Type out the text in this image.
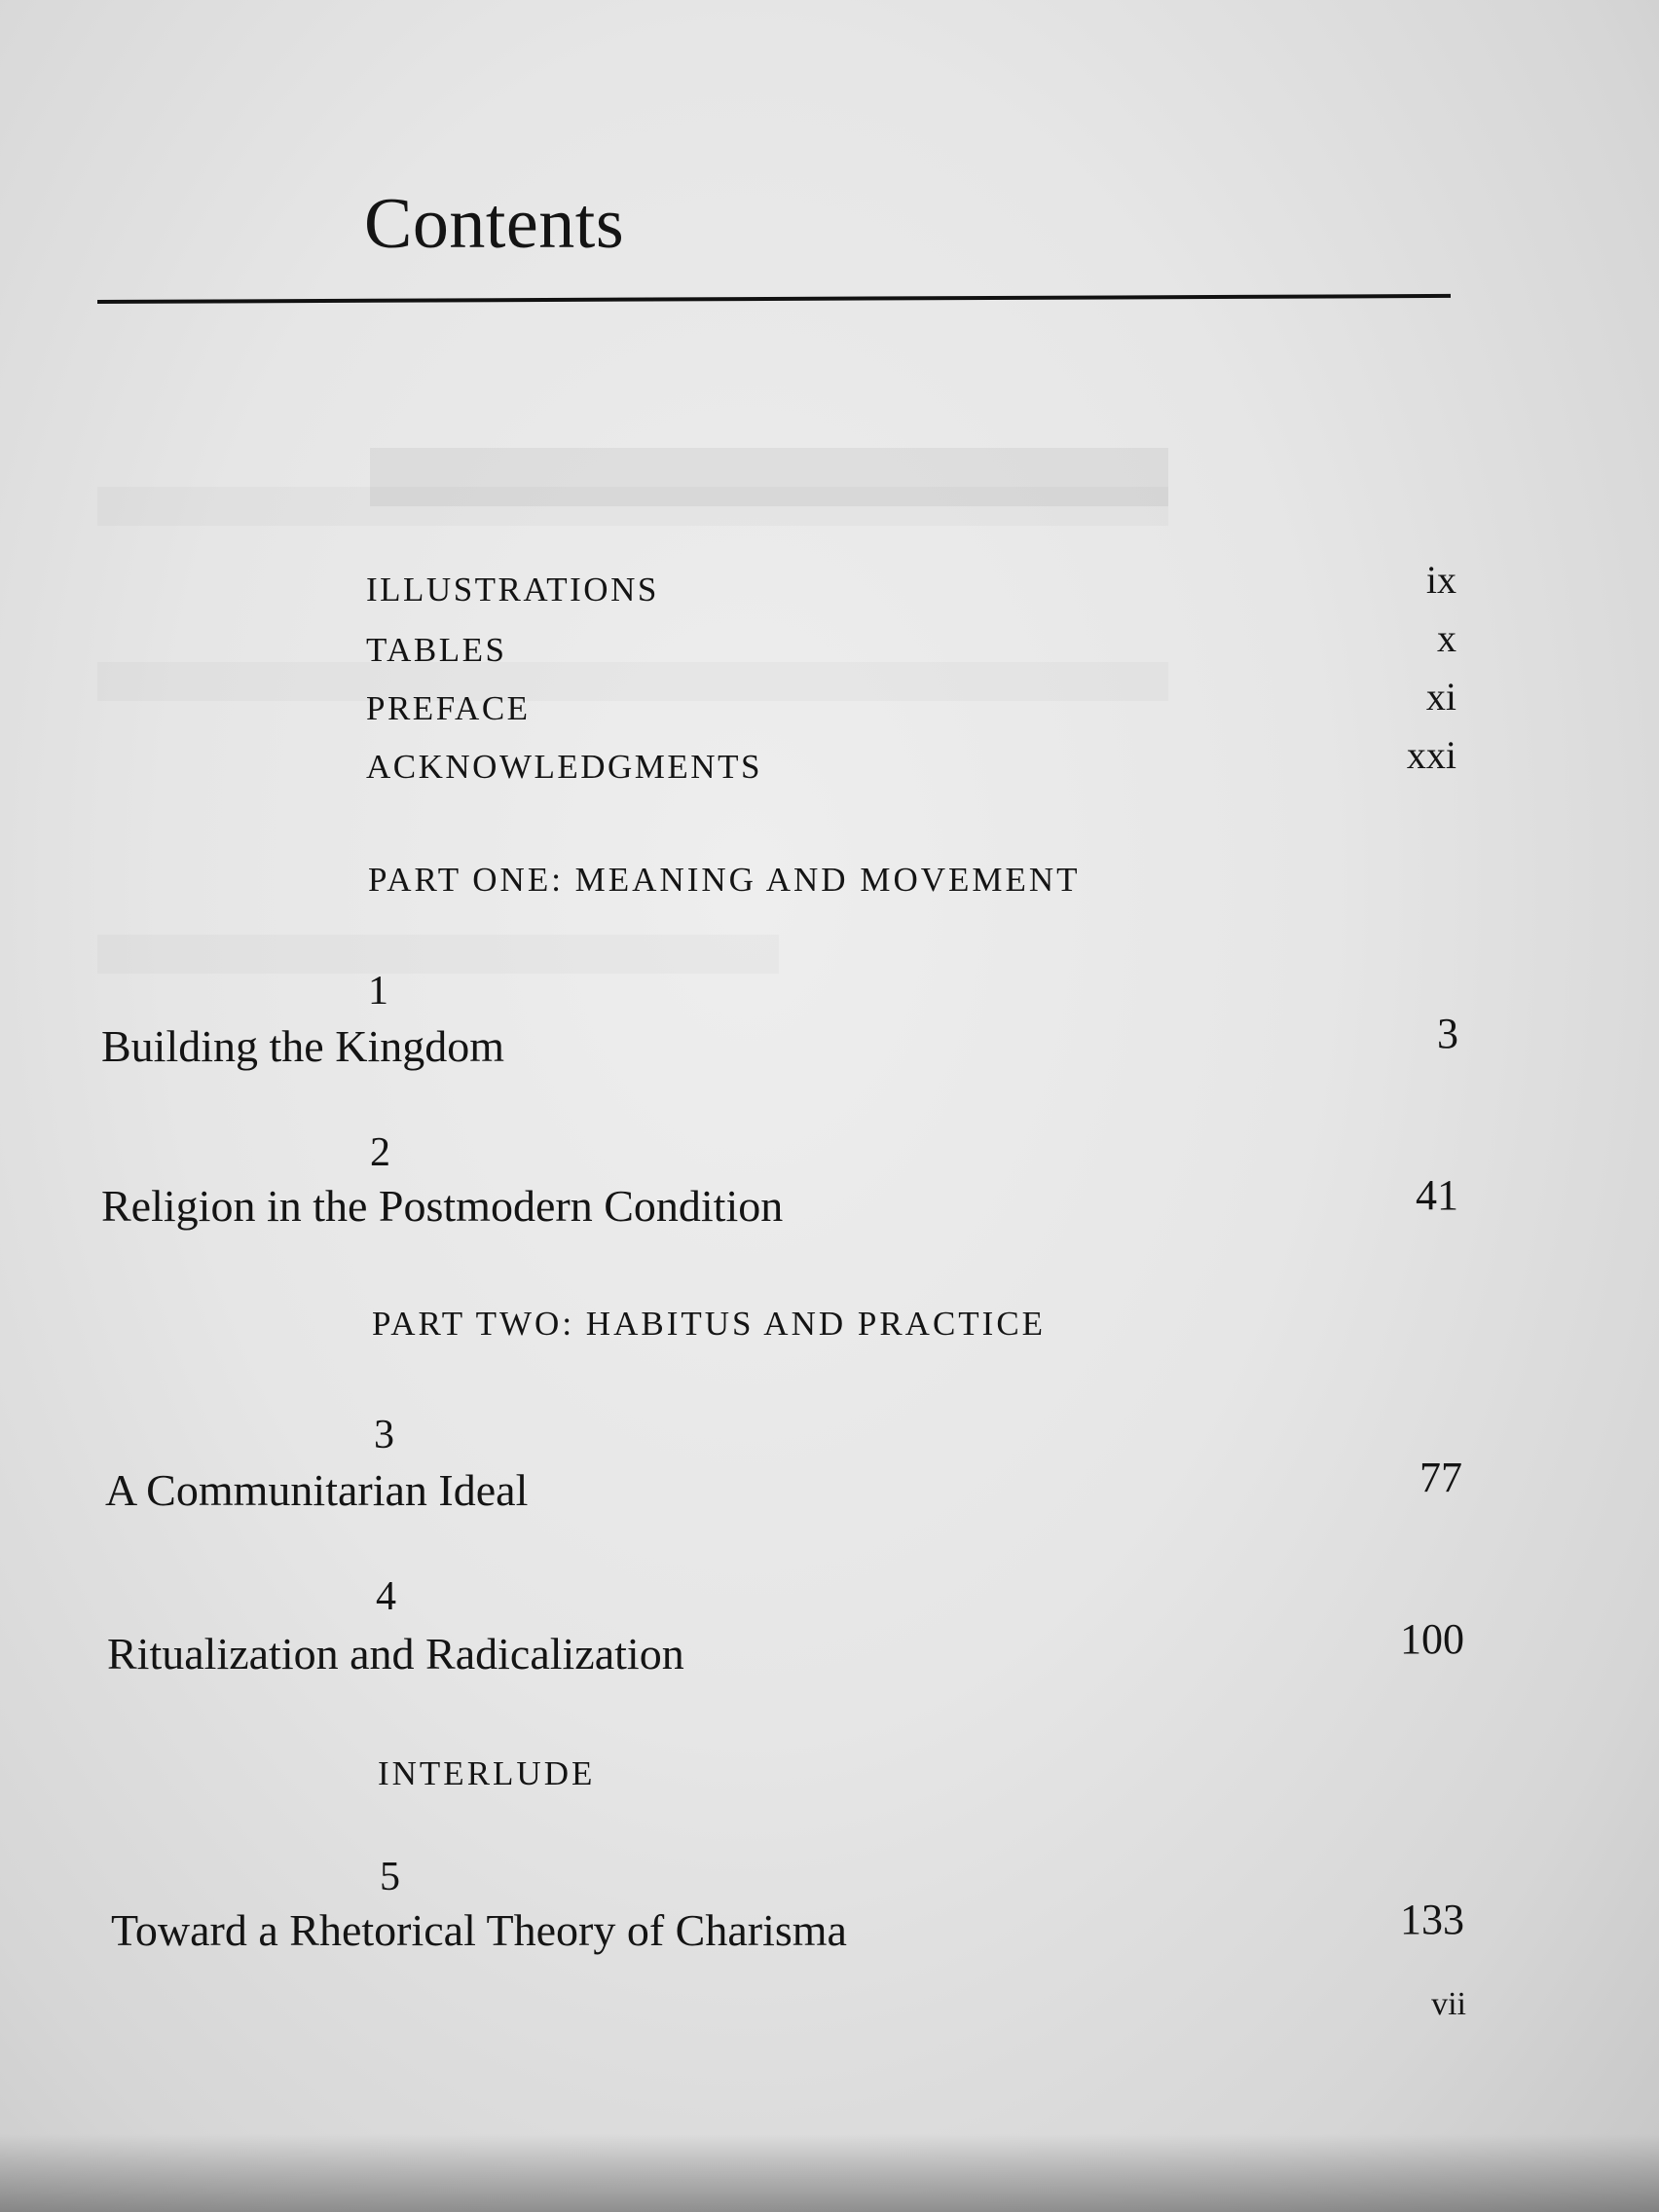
Contents
ILLUSTRATIONS	ix
TABLES	x
PREFACE	xi
ACKNOWLEDGMENTS	xxi
PART ONE: MEANING AND MOVEMENT
1
Building the Kingdom	3
2
Religion in the Postmodern Condition	41
PART TWO: HABITUS AND PRACTICE
3
A Communitarian Ideal	77
4
Ritualization and Radicalization	100
INTERLUDE
5
Toward a Rhetorical Theory of Charisma	133
vii
